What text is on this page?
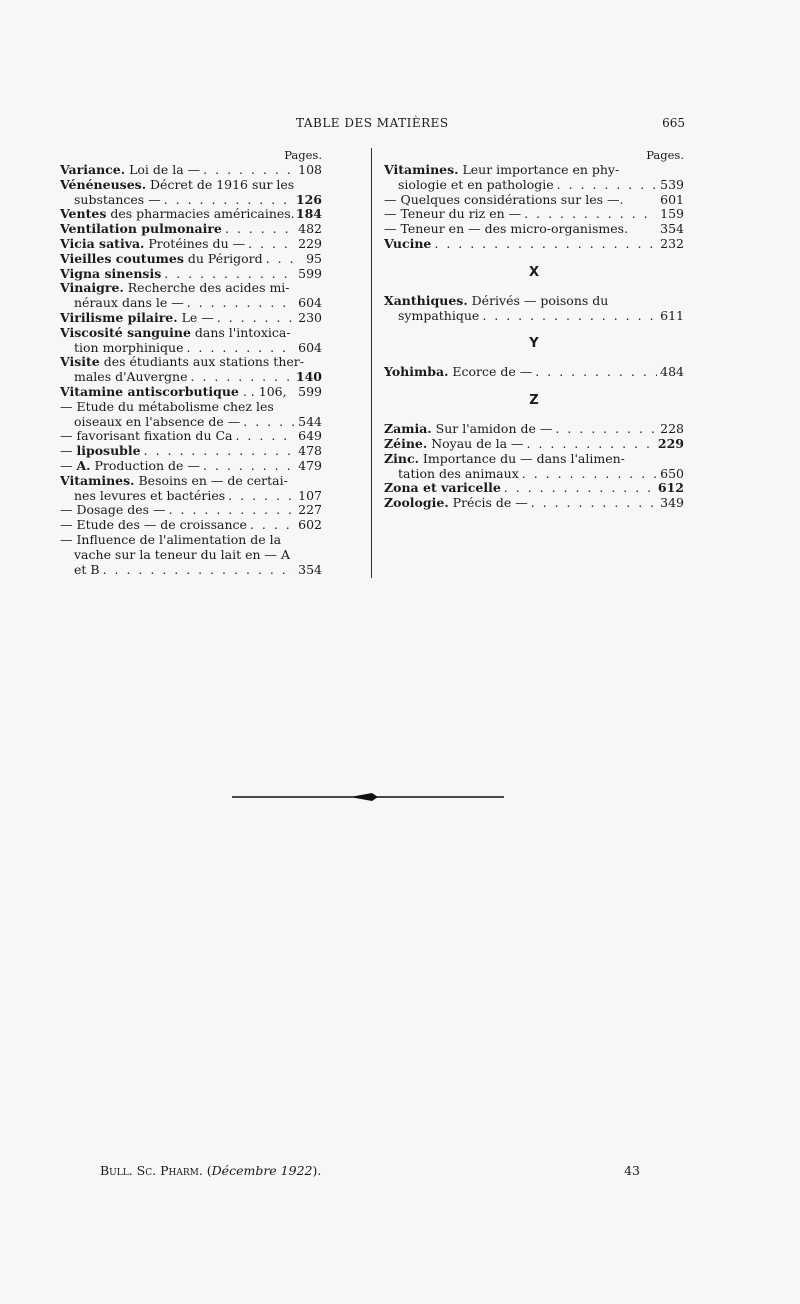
TABLE DES MATIÈRES	665
Pages.
Variance. Loi de la — . . .	108
Vénéneuses. Décret de 1916 sur les
substances — . . .	126
Ventes des pharmacies américaines. 184
Ventilation pulmonaire . . .	482
Vicia sativa. Protéines du — . . .	229
Vieilles coutumes du Périgord . . .	95
Vigna sinensis . . .	599
Vinaigre. Recherche des acides mi-
néraux dans le — . . .	604
Virilisme pilaire. Le — . . .	230
Viscosité sanguine dans l'intoxica-
tion morphinique . . .	604
Visite des étudiants aux stations ther-
males d'Auvergne . . .	140
Vitamine antiscorbutique . . 106, 599
— Etude du métabolisme chez les
oiseaux en l'absence de — . . .	544
— favorisant fixation du Ca . . .	649
— liposuble . . .	478
— A. Production de — . . .	479
Vitamines. Besoins en — de certai-
nes levures et bactéries . . .	107
— Dosage des — . . .	227
— Etude des — de croissance . . .	602
— Influence de l'alimentation de la
vache sur la teneur du lait en — A
et B . . .	354
Pages.
Vitamines. Leur importance en phy-
siologie et en pathologie . . .	539
— Quelques considérations sur les —.	601
— Teneur du riz en — . . .	159
— Teneur en — des micro-organismes.	354
Vucine . . .	232
X
Xanthiques. Dérivés — poisons du
sympathique . . .	611
Y
Yohimba. Ecorce de — . . .	484
Z
Zamia. Sur l'amidon de — . . .	228
Zéine. Noyau de la — . . .	229
Zinc. Importance du — dans l'alimen-
tation des animaux . . .	650
Zona et varicelle . . .	612
Zoologie. Précis de — . . .	349
Bull. Sc. Pharm. (Décembre 1922).	43
